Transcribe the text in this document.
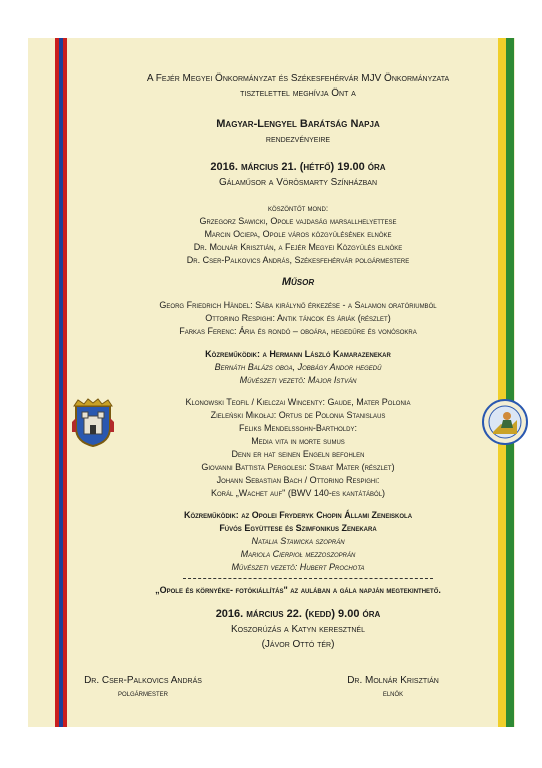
A Fejér Megyei Önkormányzat és Székesfehérvár MJV Önkormányzata
tisztelettel meghívja Önt a
Magyar-Lengyel Barátság Napja
rendezvényeire
2016. március 21. (hétfő) 19.00 óra
Gálaműsor a Vörösmarty Színházban
köszöntőt mond:
Grzegorz Sawicki, Opole vajdaság marsallhelyettese
Marcin Ociepa, Opole város közgyűlésének elnöke
Dr. Molnár Krisztián, a Fejér Megyei Közgyűlés elnöke
Dr. Cser-Palkovics András, Székesfehérvár polgármestere
Műsor
Georg Friedrich Händel: Sába királynő érkezése - a Salamon oratóriumból
Ottorino Respighi: Antik táncok és áriák (részlet)
Farkas Ferenc: Ária és rondó – oboára, hegedűre és vonósokra
Közreműködik: a Hermann László Kamarazenekar
Bernáth Balázs oboa, Jobbágy Andor hegedű
Művészeti vezető: Major István
Klonowski Teofil / Kielczai Wincenty: Gaude, Mater Polonia
Zieleński Mikołaj: Ortus de Polonia Stanislaus
Feliks Mendelssohn-Bartholdy:
Media vita in morte sumus
Denn er hat seinen Engeln befohlen
Giovanni Battista Pergolesi: Stabat Mater (részlet)
Johann Sebastian Bach / Ottorino Respighi:
Korál „Wachet auf" (BWV 140-es kantátából)
Közreműködik: az Opolei Fryderyk Chopin Állami Zeneiskola
Fúvós Együttese és Szimfonikus Zenekara
Natalia Stawicka szoprán
Mariola Cierpioł mezzoszoprán
Művészeti vezető: Hubert Prochota
„Opole és környéke- fotókiállítás" az aulában a gála napján megtekinthető.
2016. március 22. (kedd) 9.00 óra
Koszorúzás a Katyn keresztnél
(Jávor Ottó tér)
Dr. Cser-Palkovics András
polgármester
Dr. Molnár Krisztián
elnök
